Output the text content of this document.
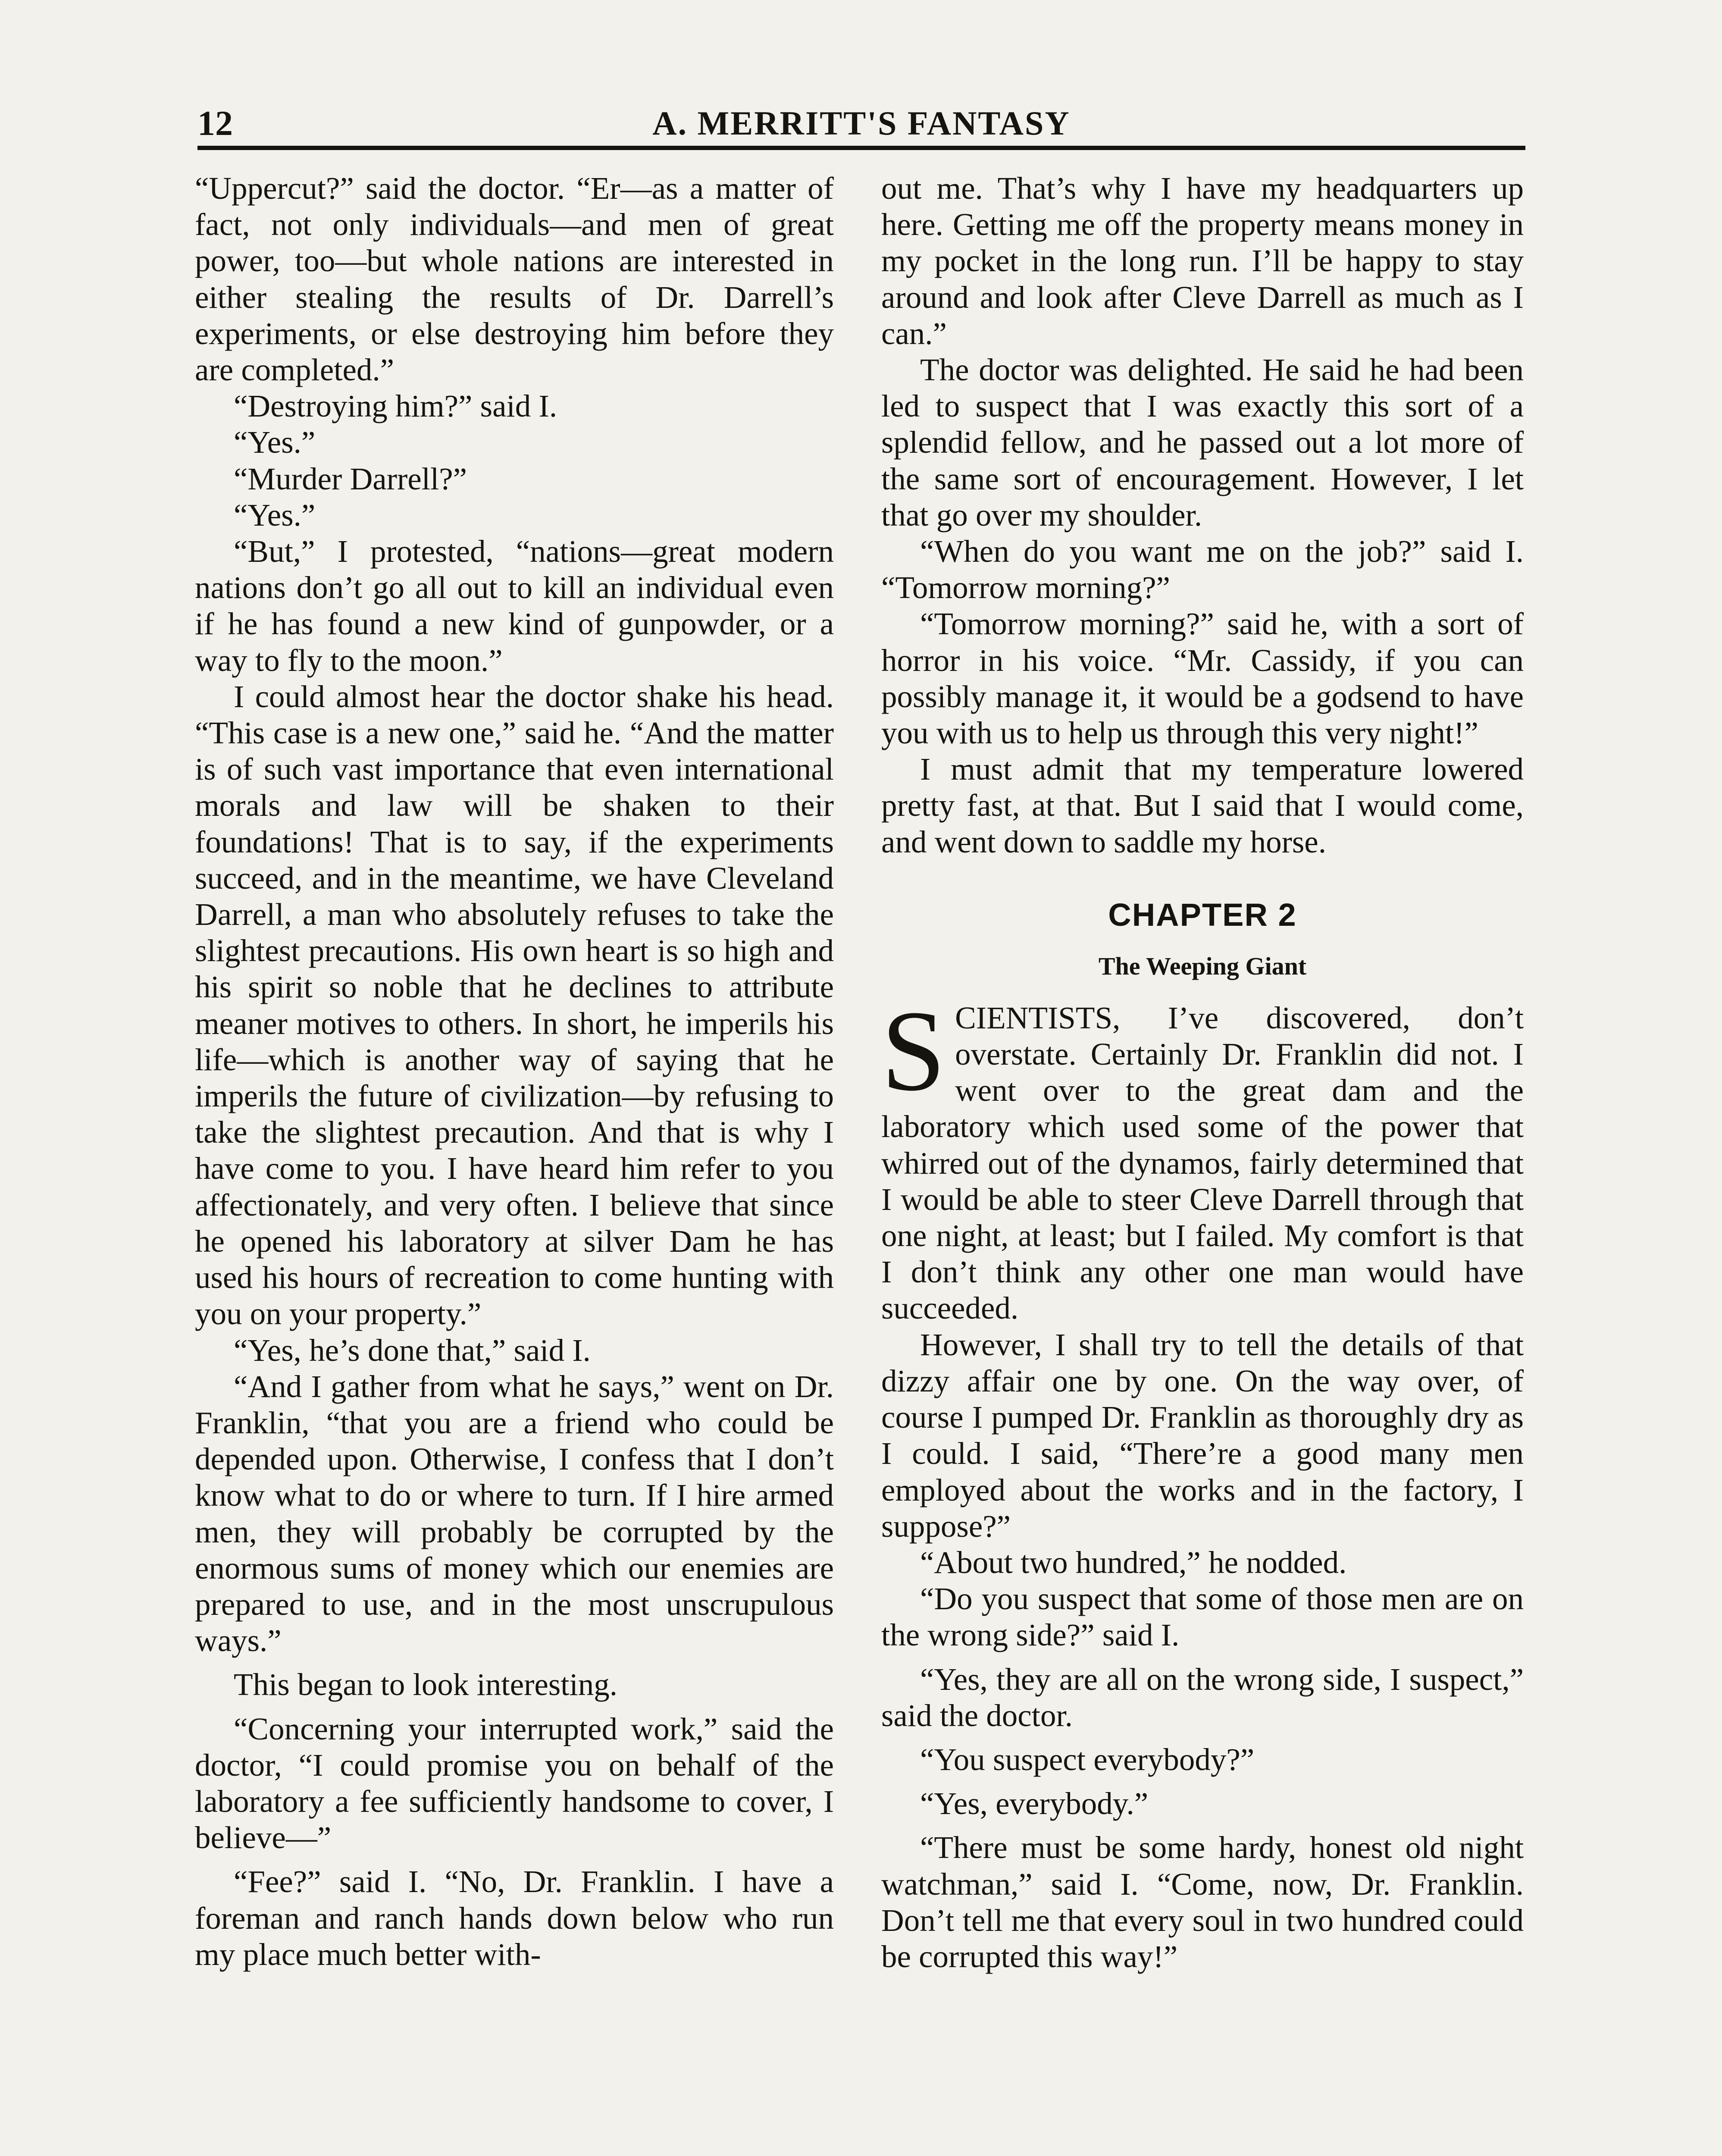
12	A. MERRITT'S FANTASY

“Uppercut?” said the doctor. “Er—as a matter of fact, not only individuals—and men of great power, too—but whole nations are interested in either stealing the results of Dr. Darrell’s experiments, or else destroying him before they are completed.”

“Destroying him?” said I.

“Yes.”

“Murder Darrell?”

“Yes.”

“But,” I protested, “nations—great modern nations don’t go all out to kill an individual even if he has found a new kind of gunpowder, or a way to fly to the moon.”

I could almost hear the doctor shake his head. “This case is a new one,” said he. “And the matter is of such vast importance that even international morals and law will be shaken to their foundations! That is to say, if the experiments succeed, and in the meantime, we have Cleveland Darrell, a man who absolutely refuses to take the slightest precautions. His own heart is so high and his spirit so noble that he declines to attribute meaner motives to others. In short, he imperils his life—which is another way of saying that he imperils the future of civilization—by refusing to take the slightest precaution. And that is why I have come to you. I have heard him refer to you affectionately, and very often. I believe that since he opened his laboratory at silver Dam he has used his hours of recreation to come hunting with you on your property.”

“Yes, he’s done that,” said I.

“And I gather from what he says,” went on Dr. Franklin, “that you are a friend who could be depended upon. Otherwise, I confess that I don’t know what to do or where to turn. If I hire armed men, they will probably be corrupted by the enormous sums of money which our enemies are prepared to use, and in the most unscrupulous ways.”

This began to look interesting.

“Concerning your interrupted work,” said the doctor, “I could promise you on behalf of the laboratory a fee sufficiently handsome to cover, I believe—”

“Fee?” said I. “No, Dr. Franklin. I have a foreman and ranch hands down below who run my place much better with-

out me. That’s why I have my headquarters up here. Getting me off the property means money in my pocket in the long run. I’ll be happy to stay around and look after Cleve Darrell as much as I can.”

The doctor was delighted. He said he had been led to suspect that I was exactly this sort of a splendid fellow, and he passed out a lot more of the same sort of encouragement. However, I let that go over my shoulder.

“When do you want me on the job?” said I. “Tomorrow morning?”

“Tomorrow morning?” said he, with a sort of horror in his voice. “Mr. Cassidy, if you can possibly manage it, it would be a godsend to have you with us to help us through this very night!”

I must admit that my temperature lowered pretty fast, at that. But I said that I would come, and went down to saddle my horse.

CHAPTER 2
The Weeping Giant

SCIENTISTS, I’ve discovered, don’t overstate. Certainly Dr. Franklin did not. I went over to the great dam and the laboratory which used some of the power that whirred out of the dynamos, fairly determined that I would be able to steer Cleve Darrell through that one night, at least; but I failed. My comfort is that I don’t think any other one man would have succeeded.

However, I shall try to tell the details of that dizzy affair one by one. On the way over, of course I pumped Dr. Franklin as thoroughly dry as I could. I said, “There’re a good many men employed about the works and in the factory, I suppose?”

“About two hundred,” he nodded.

“Do you suspect that some of those men are on the wrong side?” said I.

“Yes, they are all on the wrong side, I suspect,” said the doctor.

“You suspect everybody?”

“Yes, everybody.”

“There must be some hardy, honest old night watchman,” said I. “Come, now, Dr. Franklin. Don’t tell me that every soul in two hundred could be corrupted this way!”
